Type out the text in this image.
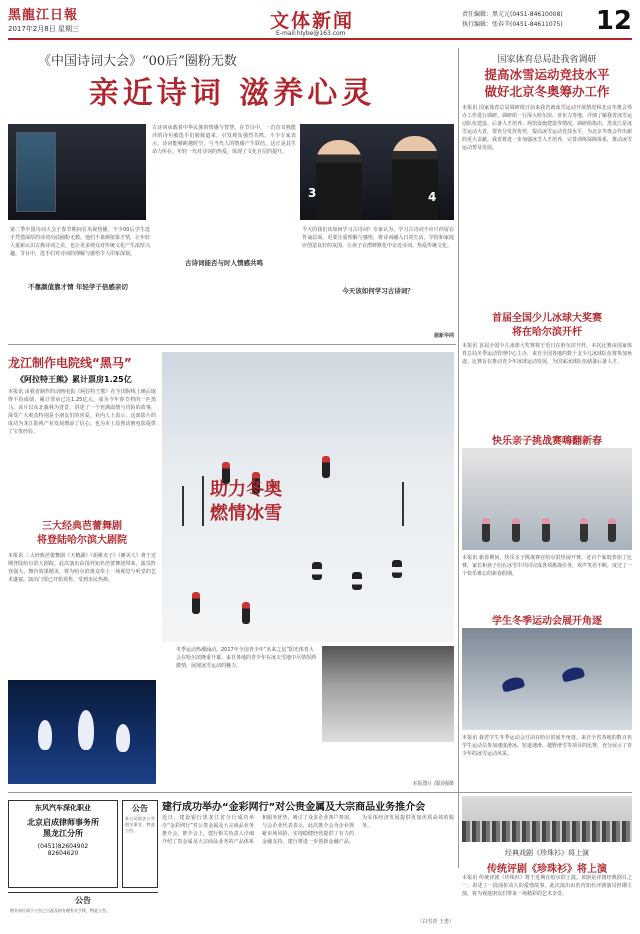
黑龍江日報
2017年2月8日 星期三	文体新闻
E-mail:hlybe@163.com
责任编辑：黑元元(0451-84610008)
执行编辑：张春辛(0451-84611075) 12
《中国诗词大会》“00后”圈粉无数
亲近诗词 滋养心灵
3	4
第二季中国诗词大会于春节期间在央视热播，不少00后学生选手凭借深厚的诗词功底圈粉无数。他们不靠颜值靠才情，让年轻人重新认识古典诗词之美，也让更多观众对传统文化产生浓厚兴趣。节目中，选手们对诗词的理解与感悟令人印象深刻。
不靠颜值靠才情 年轻学子倍感亲切
古诗词承载着中华民族的情感与智慧。在节目中，一首首耳熟能详的诗句被选手们娓娓道来，引发观众强烈共鸣。不少专家表示，诗词能够跨越时空，与当代人的情感产生联结，这正是其生命力所在。年轻一代对诗词的热爱，体现了文化自信的提升。
古诗词能否与时人情感共鸣
今天的我们该如何学习古诗词？专家认为，学习古诗词不应只停留在背诵层面，更要注重理解与感悟，将诗词融入日常生活。学校和家庭应创造良好的氛围，让孩子在潜移默化中亲近诗词、热爱传统文化。
今天该如何学习古诗词？
据新华网
国家体育总局赴我省调研
提高冰雪运动竞技水平
做好北京冬奥筹办工作
本报讯 国家体育总局调研组日前来我省就冰雪运动开展情况和北京冬奥会筹办工作进行调研。调研组一行深入哈尔滨、亚布力等地，详细了解我省冰雪运动队伍建设、后备人才培养、场馆设施建设等情况。调研组指出，黑龙江是冰雪运动大省，要充分发挥优势，提高冰雪运动竞技水平，为北京冬奥会作出新的更大贡献。我省将进一步加强冰雪人才培养，完善训练保障体系，推动冰雪运动普及发展。
首届全国少儿冰球大奖赛
将在哈尔滨开杆
本报讯 首届全国少儿冰球大奖赛将于近日在哈尔滨开杆。本次比赛由国家体育总局冬季运动管理中心主办，来自全国各地的数十支少儿冰球队伍将参加角逐。比赛旨在推动青少年冰球运动发展，为国家冰球队伍储备后备人才。
快乐亲子挑战赛嗨翻新春
本报讯 新春期间，快乐亲子挑战赛在哈尔滨热闹开赛。近百个家庭参加了比赛，家长和孩子们在冰雪中共同完成各项挑战任务，欢声笑语不断，度过了一个快乐难忘的新春假期。
学生冬季运动会展开角逐
本报讯 我省学生冬季运动会日前在哈尔滨展开角逐。来自全省各地的数百名学生运动员参加速度滑冰、短道速滑、越野滑雪等项目的比赛，充分展示了青少年的冰雪运动风采。
龙江制作电院线“黑马”
《阿拉特王熊》累计票房1.25亿
本报讯 由我省制作的动画电影《阿拉特王熊》在全国院线上映后取得不俗成绩，累计票房已达1.25亿元，成为今年春节档的一匹黑马。该片以东北森林为背景，讲述了一个充满温情与冒险的故事，深受广大观众特别是小朋友们的喜爱。业内人士表示，这部影片的成功为龙江影视产业发展增添了信心，也为本土原创动画电影提供了宝贵经验。
三大经典芭蕾舞剧
将登陆哈尔滨大剧院
本报讯 三大经典芭蕾舞剧《天鹅湖》《胡桃夹子》《睡美人》将于近期登陆哈尔滨大剧院。此次演出由国外知名芭蕾舞团带来，演员阵容强大，舞台效果精美，将为哈尔滨观众奉上一场视觉与听觉的艺术盛宴。演出门票已开始预售，受到市民热捧。
助力冬奥
燃情冰雪
冬季运动热潮涌动，2017年全国青少年“未来之星”阳光体育大会在哈尔滨隆重开幕。来自各地的青少年在冰天雪地中尽情挥洒激情，展现冰雪运动的魅力。
本版图片 邵国强摄
建行成功举办“金彩网行”对公贵金属及大宗商品业务推介会
近日，建设银行黑龙江省分行成功举办“金彩网行”对公贵金属及大宗商品业务推介会。推介会上，建行相关负责人详细介绍了贵金属及大宗商品业务的产品体系和服务优势，吸引了众多企业客户参加。与会企业代表表示，此次推介会为企业规避市场风险、实现稳健经营提供了有力的金融支持。建行将进一步创新金融产品，为实体经济发展提供更加优质高效的服务。
（白雪青 王勇）
经典戏剧《珍珠衫》将上演
传统评剧《珍珠衫》将上演
本报讯 传统评剧《珍珠衫》将于近期在哈尔滨上演。该剧是评剧经典剧目之一，讲述了一段曲折动人的爱情故事。此次演出由省内知名评剧演员担纲主演，将为戏迷朋友们带来一场精彩的艺术享受。
东风汽车深化职业
北京启成律师事务所
黑龙江分所
(0451)82604902
82604620
公告
本公司依法公告相关事宜，特此公告。
公告
相关单位请于公告之日起及时办理有关手续，特此公告。
